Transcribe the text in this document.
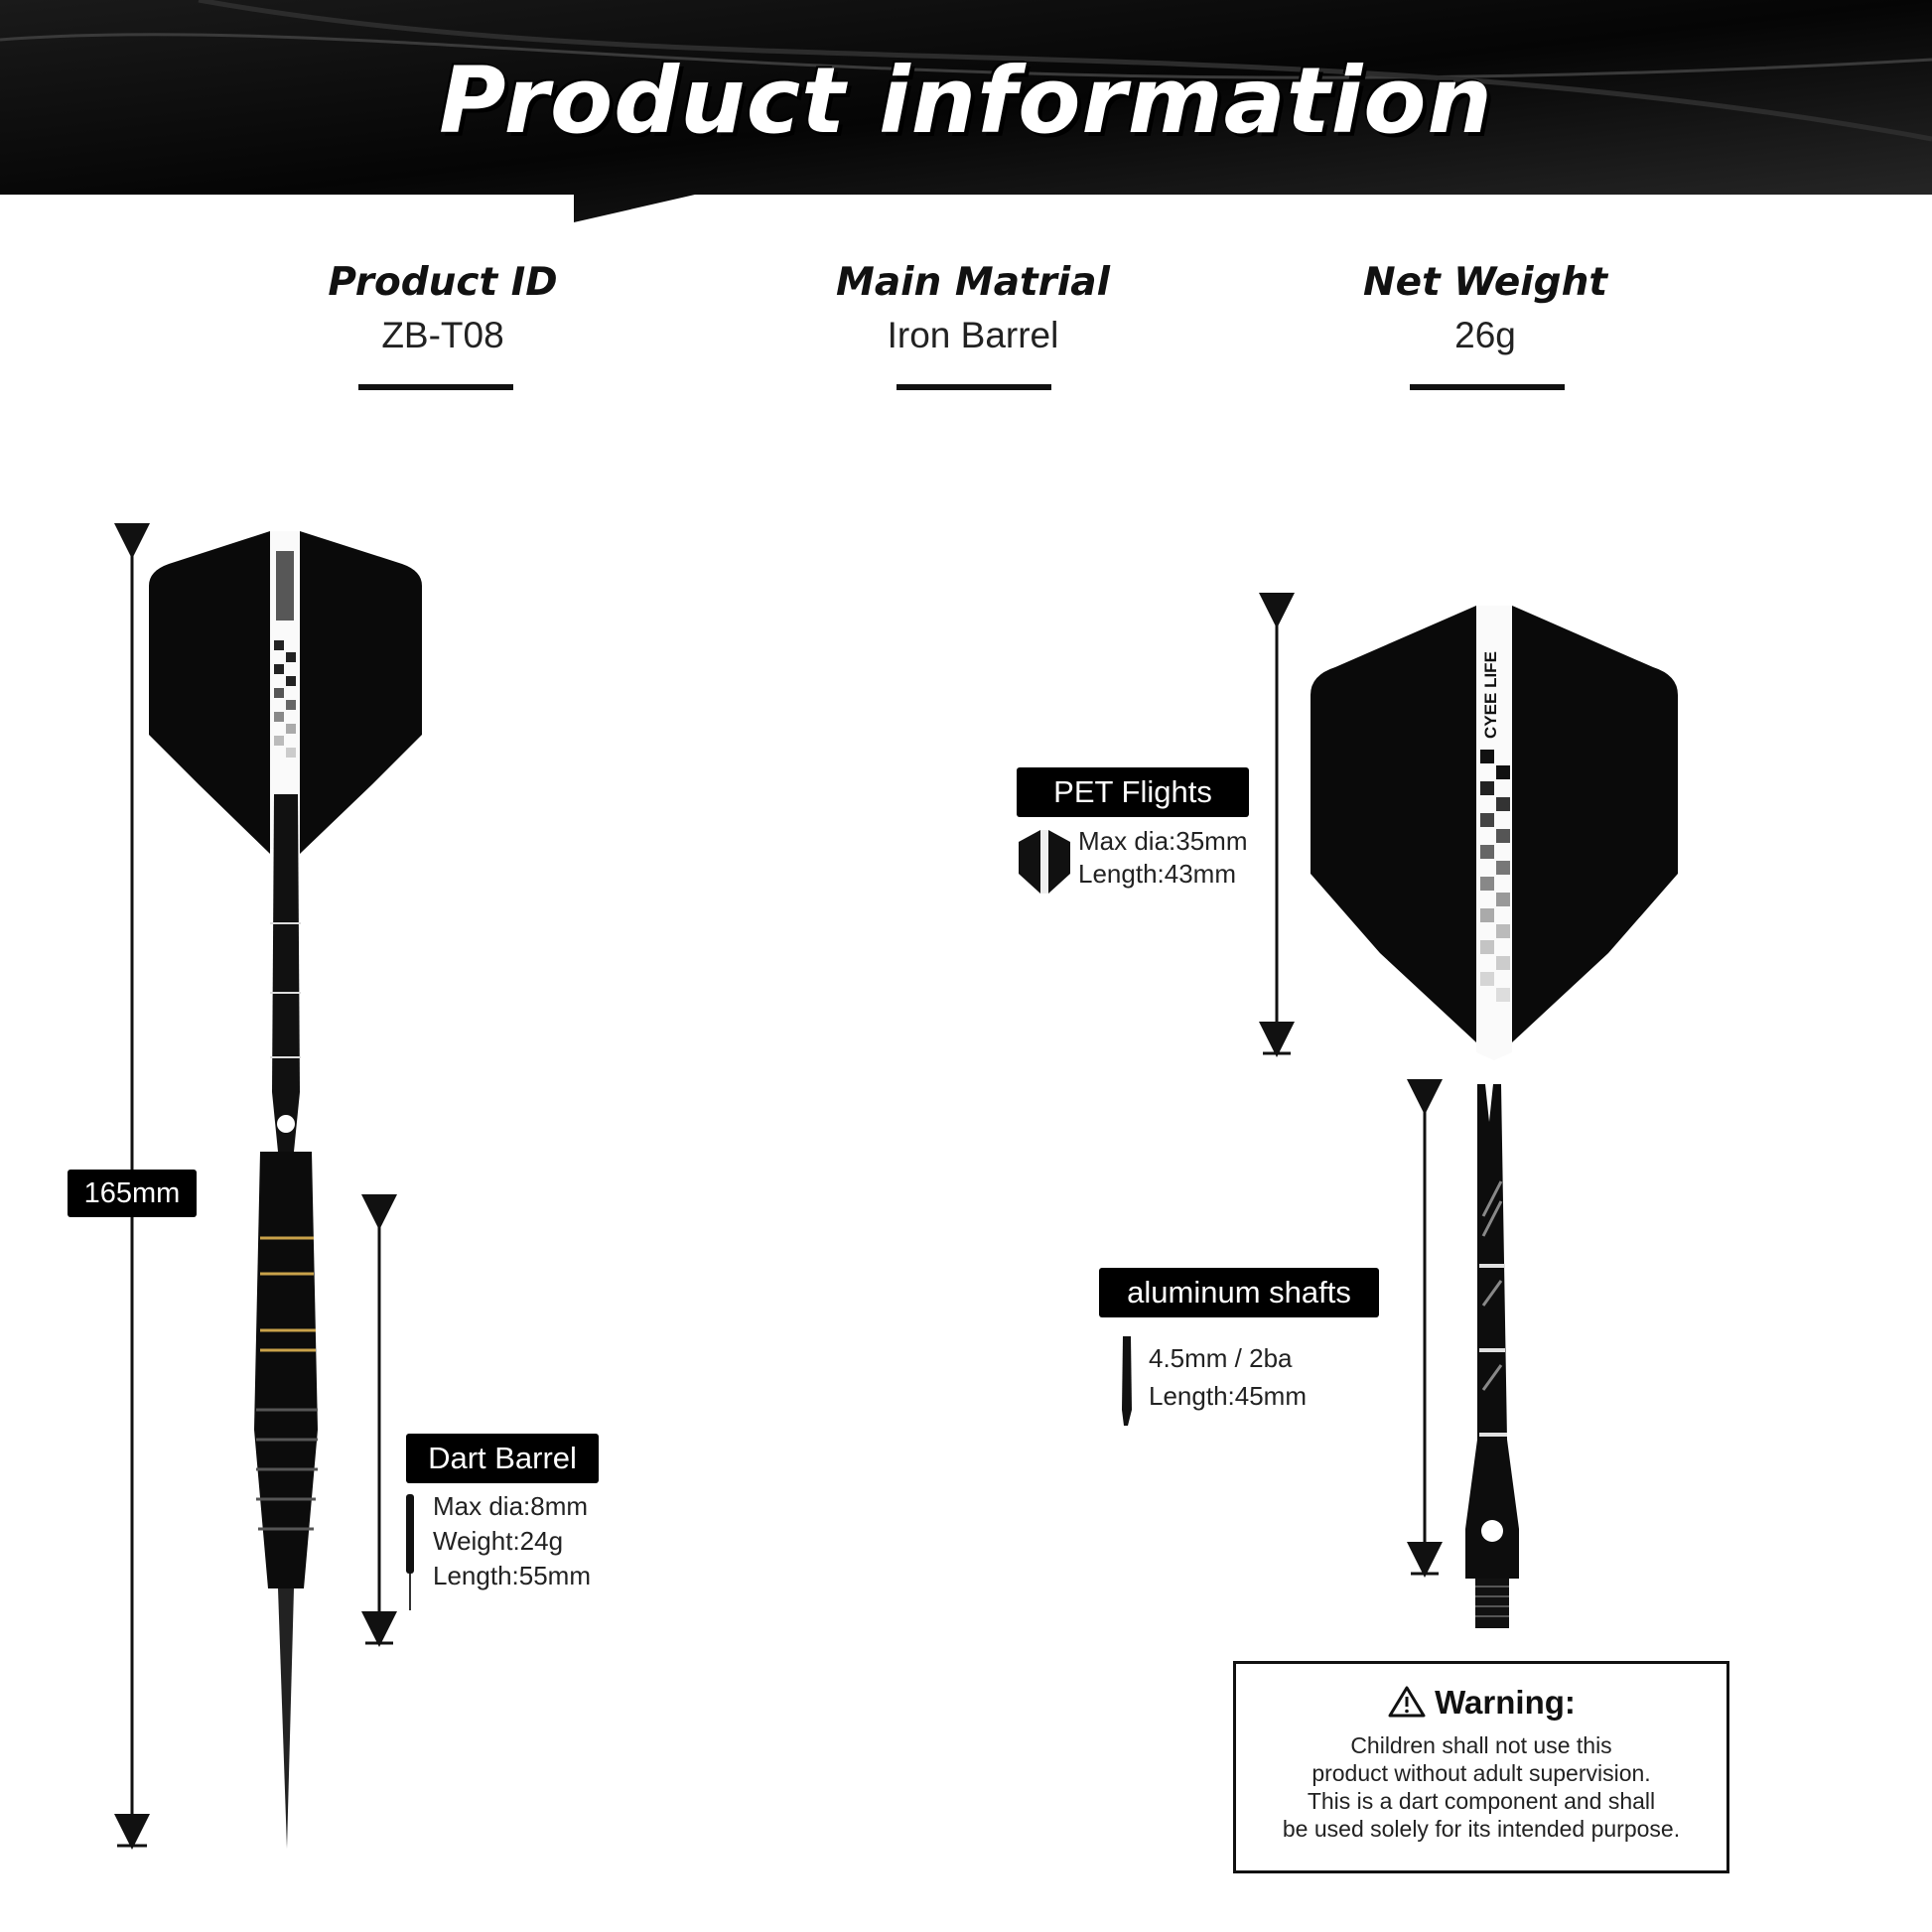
Product information
Product ID
ZB-T08
Main Matrial
Iron Barrel
Net Weight
26g
CYEE LIFE
165mm
Dart Barrel
Max dia:8mm
Weight:24g
Length:55mm
PET Flights
Max dia:35mm
Length:43mm
aluminum shafts
4.5mm / 2ba
Length:45mm
Warning:
Children shall not use this
product without adult supervision.
This is a dart component and shall
be used solely for its intended purpose.
